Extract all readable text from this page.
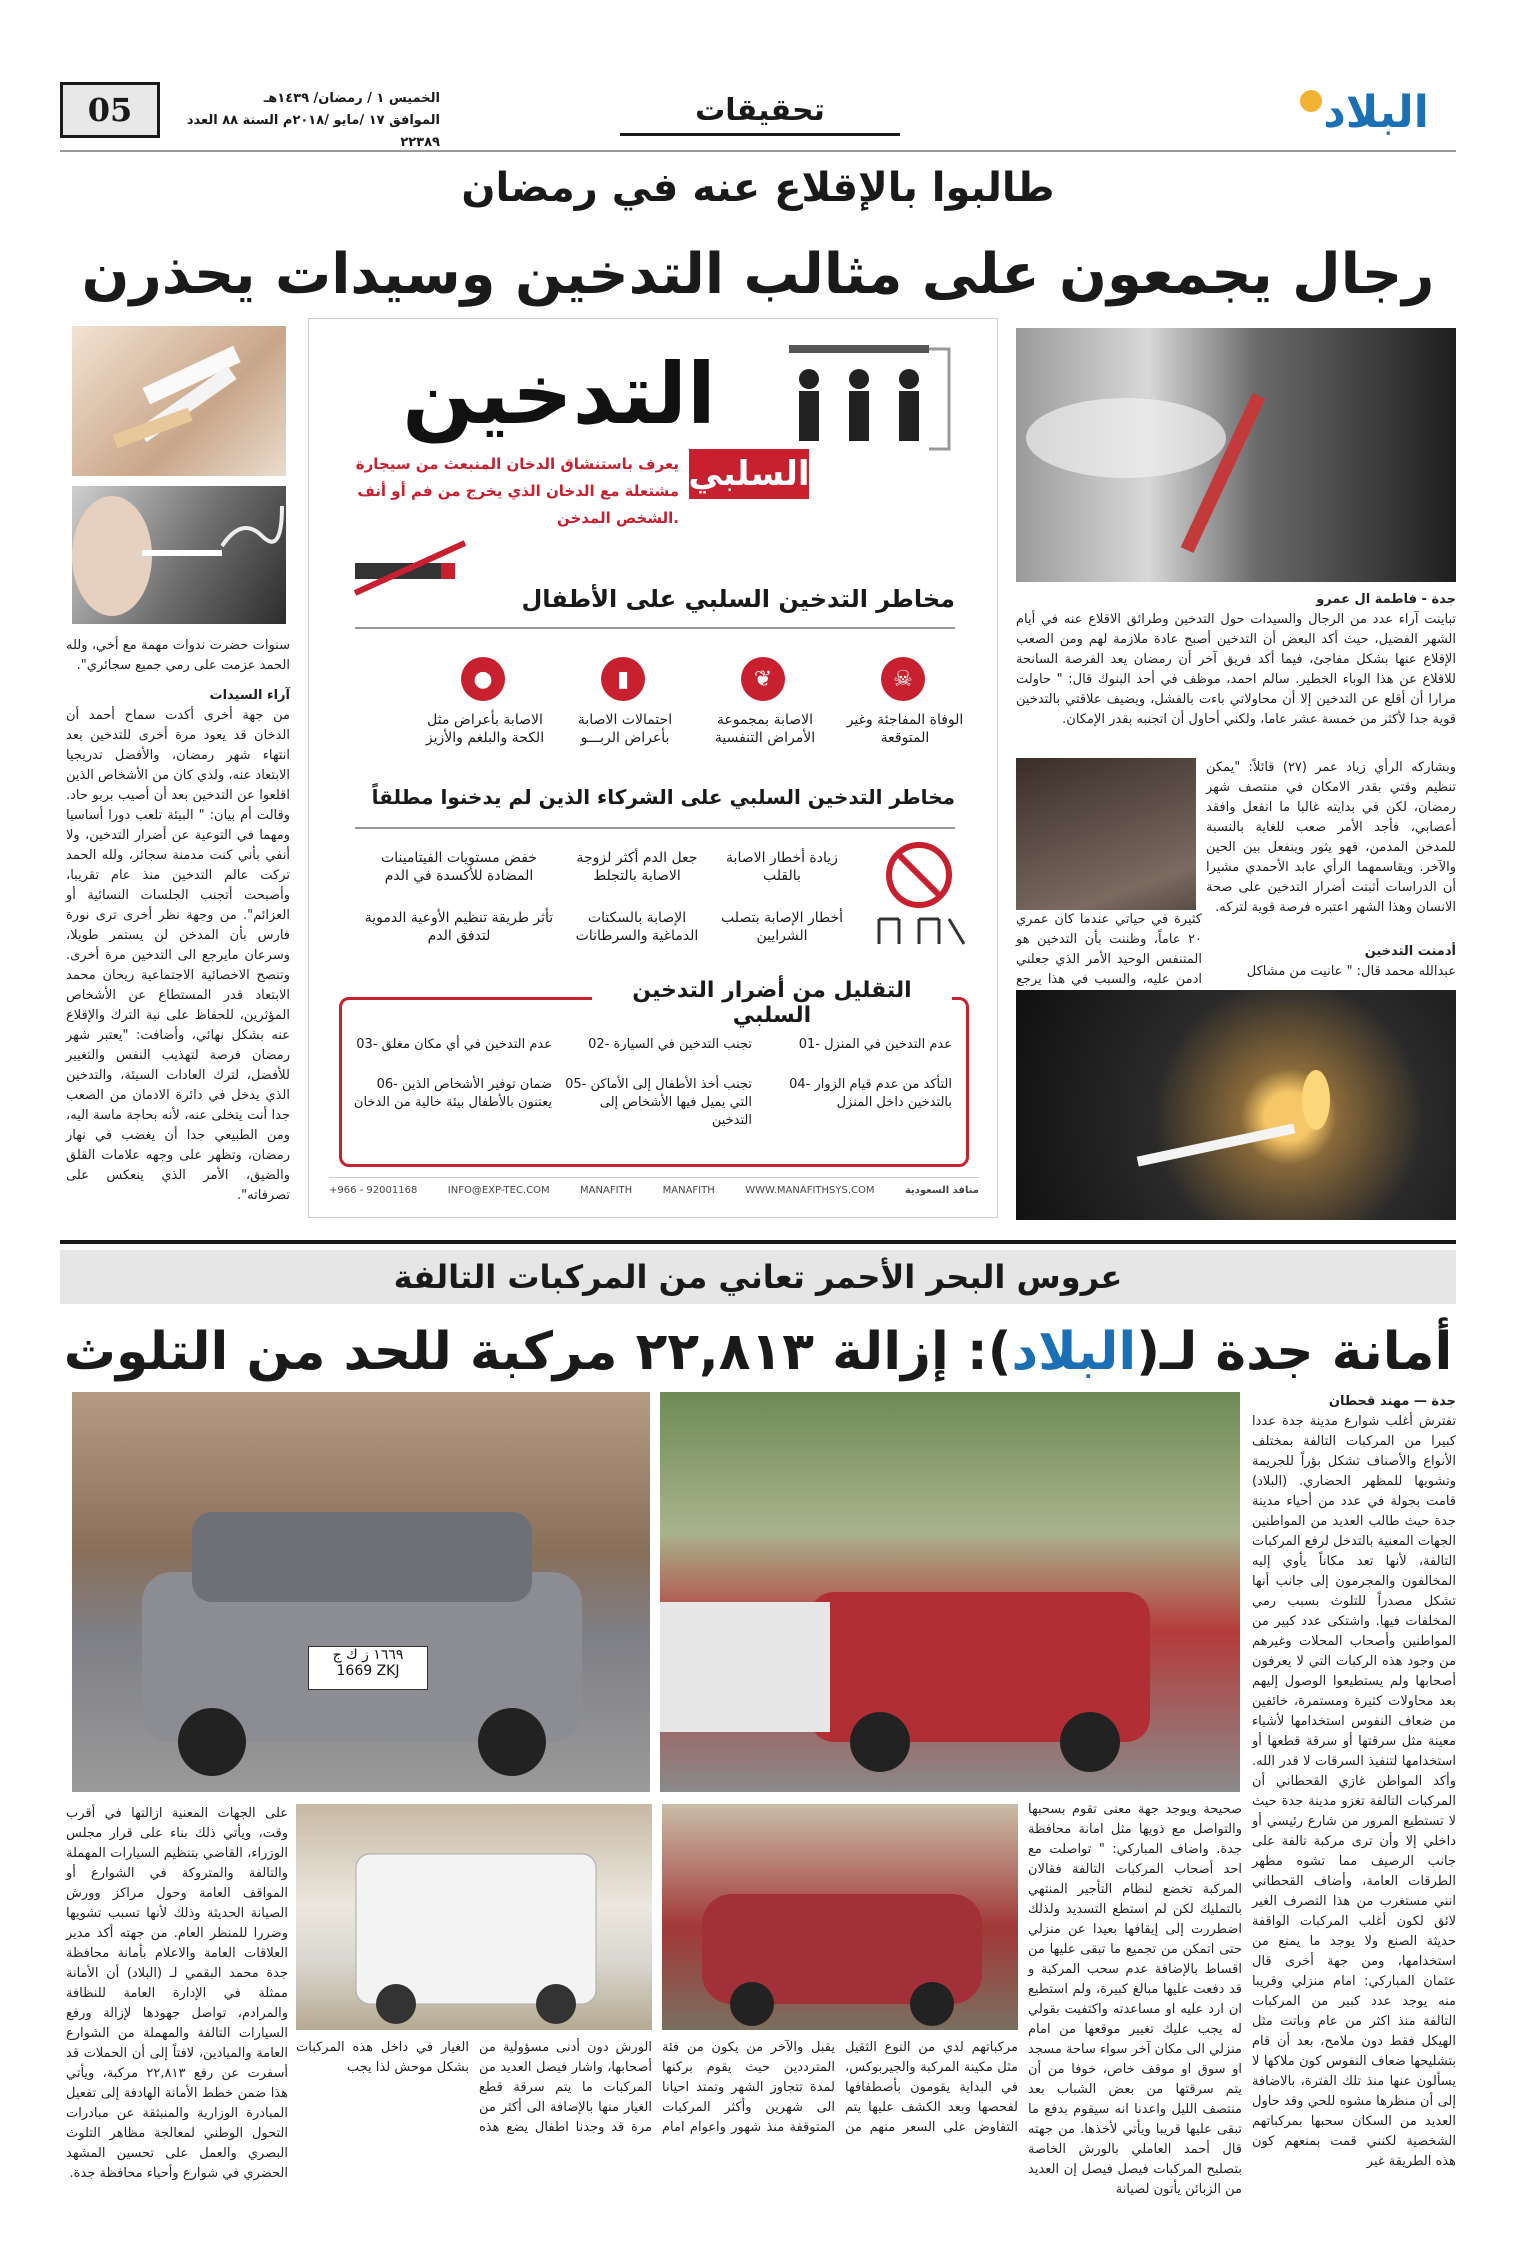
البلاد
تحقيقات
الخميس ١ / رمضان/ ١٤٣٩هـ
الموافق ١٧ /مايو /٢٠١٨م السنة ٨٨ العدد ٢٢٣٨٩
05
طالبوا بالإقلاع عنه في رمضان
رجال يجمعون على مثالب التدخين وسيدات يحذرن
سنوات حضرت ندوات مهمة مع أخي، ولله الحمد عزمت على رمي جميع سجائري".
آراء السيدات
من جهة أخرى أكدت سماح أحمد أن الدخان قد يعود مرة أخرى للتدخين بعد انتهاء شهر رمضان، والأفضل تدريجيا الابتعاد عنه، ولدي كان من الأشخاص الذين اقلعوا عن التدخين بعد أن أصيب بربو حاد. وقالت أم بيان: " البيئة تلعب دورا أساسيا ومهما في التوعية عن أضرار التدخين، ولا أنفي بأني كنت مدمنة سجائر، ولله الحمد تركت عالم التدخين منذ عام تقريبا، وأصبحت أتجنب الجلسات النسائية أو العزائم". من وجهة نظر أخرى ترى نورة فارس بأن المدخن لن يستمر طويلا، وسرعان مايرجع الى التدخين مرة أخرى. وتنصح الاخصائية الاجتماعية ريحان محمد الابتعاد قدر المستطاع عن الأشخاص المؤثرين، للحفاظ على نية الترك والإقلاع عنه بشكل نهائي، وأضافت: "يعتبر شهر رمضان فرصة لتهذيب النفس والتغيير للأفضل، لترك العادات السيئة، والتدخين الذي يدخل في دائرة الادمان من الصعب جدا أنت يتخلى عنه، لأنه بحاجة ماسة اليه، ومن الطبيعي جدا أن يغضب في نهار رمضان، وتظهر على وجهه علامات القلق والضيق، الأمر الذي ينعكس على تصرفاته".
التدخين
السلبي
يعرف باستنشاق الدخان المنبعث من سيجارة مشتعلة مع الدخان الذي يخرج من فم أو أنف الشخص المدخن.
مخاطر التدخين السلبي على الأطفال
☠
❦
▮
●
الوفاة المفاجئة وغير المتوقعة
الاصابة بمجموعة الأمراض التنفسية
احتمالات الاصابة بأعراض الربـــو
الاصابة بأعراض مثل الكحة والبلغم والأزيز
مخاطر التدخين السلبي على الشركاء الذين لم يدخنوا مطلقاً
زيادة أخطار الاصابة بالقلب
جعل الدم أكثر لزوجة الاصابة بالتجلط
خفض مستويات الفيتامينات المضادة للأكسدة في الدم
أخطار الإصابة بتصلب الشرايين
الإصابة بالسكتات الدماغية والسرطانات
تأثر طريقة تنظيم الأوعية الدموية لتدفق الدم
التقليل من أضرار التدخين السلبي
01- عدم التدخين في المنزل
02- تجنب التدخين في السيارة
03- عدم التدخين في أي مكان مغلق
04- التأكد من عدم قيام الزوار بالتدخين داخل المنزل
05- تجنب أخذ الأطفال إلى الأماكن التي يميل فيها الأشخاص إلى التدخين
06- ضمان توفير الأشخاص الذين يعتنون بالأطفال بيئة خالية من الدخان
+966 - 92001168	INFO@EXP-TEC.COM	MANAFITH	MANAFITH	WWW.MANAFITHSYS.COM	منافذ السعودية
جدة - فاطمة ال عمرو
تباينت آراء عدد من الرجال والسيدات حول التدخين وطرائق الاقلاع عنه في أيام الشهر الفضيل، حيث أكد البعض أن التدخين أصبح عادة ملازمة لهم ومن الصعب الإقلاع عنها بشكل مفاجئ، فيما أكد فريق آخر أن رمضان يعد الفرصة السانحة للاقلاع عن هذا الوباء الخطير. سالم احمد، موظف في أحد البنوك قال: " حاولت مرارا أن أقلع عن التدخين إلا أن محاولاتي باءت بالفشل، ويضيف علاقتي بالتدخين قوية جدا لأكثر من خمسة عشر عاما، ولكني أحاول أن اتجنبه بقدر الإمكان.
وبشاركه الرأي زياد عمر (٢٧) قائلاً: "يمكن تنظيم وقتي بقدر الامكان في منتصف شهر رمضان، لكن في بدايته غالبا ما انفعل وافقد أعصابي، فأجد الأمر صعب للغاية بالنسبة للمدخن المدمن، فهو يثور وينفعل بين الحين والآخر. ويقاسمهما الرأي عابد الأحمدي مشيرا أن الدراسات أثبتت أضرار التدخين على صحة الانسان وهذا الشهر اعتبره فرصة قوية لتركه.
كثيرة في حياتي عندما كان عمري ٢٠ عاماً، وظننت بأن التدخين هو المتنفس الوحيد الأمر الذي جعلني ادمن عليه، والسبب في هذا يرجع
أدمنت التدخين
عبدالله محمد قال: " عانيت من مشاكل
عروس البحر الأحمر تعاني من المركبات التالفة
أمانة جدة لـ(البلاد): إزالة ٢٢,٨١٣ مركبة للحد من التلوث
١٦٦٩ ز ك ج
1669 ZKJ
جدة — مهند قحطان
تفترش أغلب شوارع مدينة جدة عددا كبيرا من المركبات التالفة بمختلف الأنواع والأصناف تشكل بؤراً للجريمة وتشويها للمظهر الحضاري. (البلاد) قامت بجولة في عدد من أحياء مدينة جدة حيث طالب العديد من المواطنين الجهات المعنية بالتدخل لرفع المركبات التالفة، لأنها تعد مكاناً يأوي إليه المخالفون والمجرمون إلى جانب أنها تشكل مصدراً للتلوث بسبب رمي المخلفات فيها. واشتكى عدد كبير من المواطنين وأصحاب المحلات وغيرهم من وجود هذه الركبات التي لا يعرفون أصحابها ولم يستطيعوا الوصول إليهم بعد محاولات كثيرة ومستمرة، خائفين من ضعاف النفوس استخدامها لأشياء معينة مثل سرقتها أو سرقة قطعها أو استخدامها لتنفيذ السرقات لا قدر الله. وأكد المواطن غازي القحطاني أن المركبات التالفة تغزو مدينة جدة حيث لا تستطيع المرور من شارع رئيسي أو داخلي إلا وأن ترى مركبة تالفة على جانب الرصيف مما تشوه مظهر الطرقات العامة، وأضاف القحطاني انني مستغرب من هذا التصرف الغير لائق لكون أغلب المركبات الواقفة حديثة الصنع ولا يوجد ما يمنع من استخدامها، ومن جهة أخرى قال عثمان المباركي: امام منزلي وقريبا منه يوجد عدد كبير من المركبات التالفة منذ اكثر من عام وباتت مثل الهيكل فقط دون ملامح، بعد أن قام بتشليحها ضعاف النفوس كون ملاكها لا يسألون عنها منذ تلك الفترة، بالاضافة إلى أن منظرها مشوه للحي وقد حاول العديد من السكان سحبها بمركباتهم الشخصية لكنني قمت بمنعهم كون هذه الطريقة غير
صحيحة ويوجد جهة معنى تقوم بسحبها والتواصل مع ذويها مثل امانة محافظة جدة. واضاف المباركي: " تواصلت مع احد أصحاب المركبات التالفة فقالان المركبة تخضع لنظام التأجير المنتهي بالتمليك لكن لم استطع التسديد ولذلك اضطررت إلى إيقافها بعيدا عن منزلي حتى اتمكن من تجميع ما تبقى عليها من اقساط بالإضافة عدم سحب المركبة و قد دفعت عليها مبالغ كبيرة، ولم استطيع ان ارد عليه او مساعدته واكتفيت بقولي له يجب عليك تغيير موقعها من امام منزلي الى مكان آخر سواء ساحة مسجد او سوق او موقف خاص، خوفا من أن يتم سرقتها من بعض الشباب بعد منتصف الليل واعدنا انه سيقوم بدفع ما تبقى عليها قريبا ويأتي لأخذها. من جهته قال أحمد العاملي بالورش الخاصة بتصليح المركبات فيصل فيصل إن العديد من الزبائن يأتون لصيانة
مركباتهم لدي من النوع الثقيل مثل مكينة المركبة والجيربوكس، في البداية يقومون بأصطفافها لفحصها وبعد الكشف عليها يتم التفاوض على السعر منهم من يقبل والآخر من يكون من فئة المترددين حيث يقوم بركنها لمدة تتجاوز الشهر وتمتد احيانا الى شهرين وأكثر المركبات المتوقفة منذ شهور واعوام امام الورش دون أدنى مسؤولية من أصحابها، واشار فيصل العديد من المركبات ما يتم سرقة قطع الغيار منها بالإضافة الى أكثر من مرة قد وجدنا اطفال يضع هذه الغيار في داخل هذه المركبات بشكل موحش لذا يجب
على الجهات المعنية ازالتها في أقرب وقت، ويأتي ذلك بناء على قرار مجلس الوزراء، القاضي بتنظيم السيارات المهملة والتالفة والمتروكة في الشوارع أو المواقف العامة وحول مراكز وورش الصيانة الحديثة وذلك لأنها تسبب تشويها وضررا للمنظر العام. من جهته أكد مدير العلاقات العامة والاعلام بأمانة محافظة جدة محمد البقمي لـ (البلاد) أن الأمانة ممثلة في الإدارة العامة للنظافة والمرادم، تواصل جهودها لإزالة ورفع السيارات التالفة والمهملة من الشوارع العامة والميادين، لافتاً إلى أن الحملات قد أسفرت عن رفع ٢٢,٨١٣ مركبة، ويأتي هذا ضمن خطط الأمانة الهادفة إلى تفعيل المبادرة الوزارية والمنبثقة عن مبادرات التحول الوطني لمعالجة مظاهر التلوث البصري والعمل على تحسين المشهد الحضري في شوارع وأحياء محافظة جدة.
